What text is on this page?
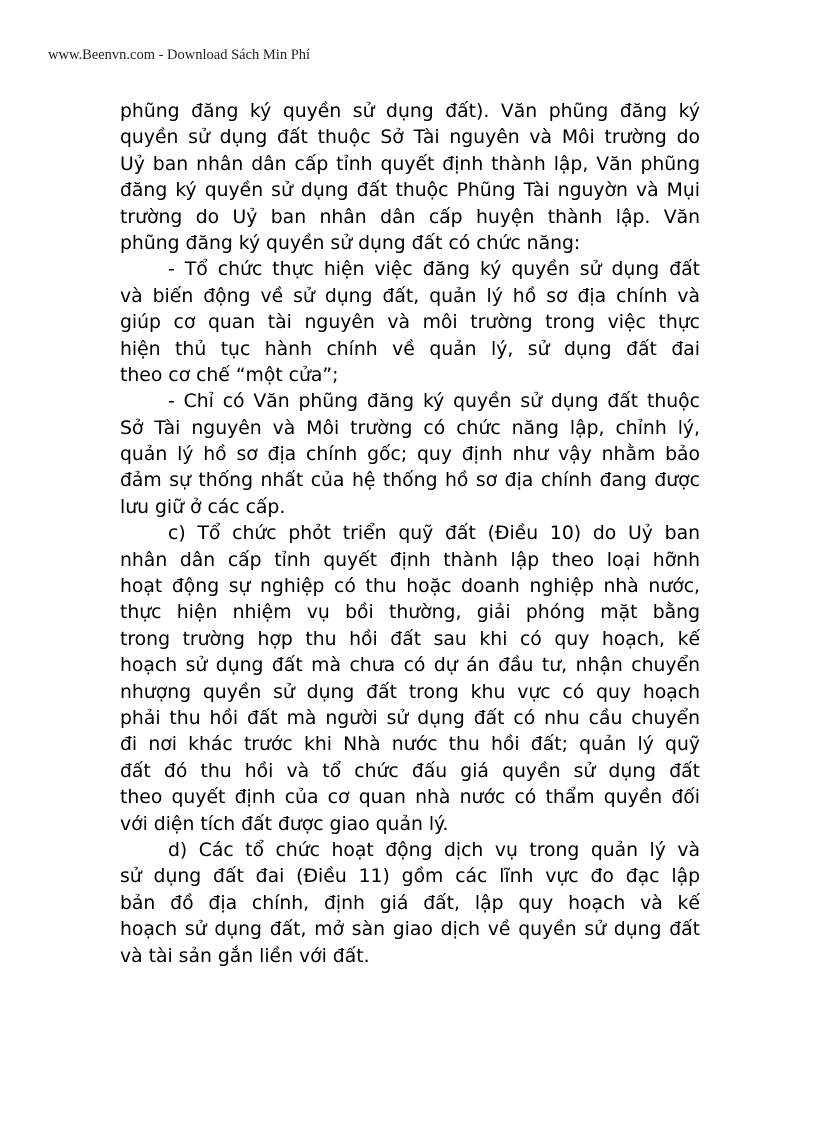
www.Beenvn.com - Download Sách Min Phí
phũng đăng ký quyền sử dụng đất). Văn phũng đăng ký
quyền sử dụng đất thuộc Sở Tài nguyên và Môi trường do
Uỷ ban nhân dân cấp tỉnh quyết định thành lập, Văn phũng
đăng ký quyền sử dụng đất thuộc Phũng Tài nguyờn và Mụi
trường do Uỷ ban nhân dân cấp huyện thành lập. Văn
phũng đăng ký quyền sử dụng đất có chức năng:
- Tổ chức thực hiện việc đăng ký quyền sử dụng đất
và biến động về sử dụng đất, quản lý hồ sơ địa chính và
giúp cơ quan tài nguyên và môi trường trong việc thực
hiện thủ tục hành chính về quản lý, sử dụng đất đai
theo cơ chế “một cửa”;
- Chỉ có Văn phũng đăng ký quyền sử dụng đất thuộc
Sở Tài nguyên và Môi trường có chức năng lập, chỉnh lý,
quản lý hồ sơ địa chính gốc; quy định như vậy nhằm bảo
đảm sự thống nhất của hệ thống hồ sơ địa chính đang được
lưu giữ ở các cấp.
c) Tổ chức phỏt triển quỹ đất (Điều 10) do Uỷ ban
nhân dân cấp tỉnh quyết định thành lập theo loại hỡnh
hoạt động sự nghiệp có thu hoặc doanh nghiệp nhà nước,
thực hiện nhiệm vụ bồi thường, giải phóng mặt bằng
trong trường hợp thu hồi đất sau khi có quy hoạch, kế
hoạch sử dụng đất mà chưa có dự án đầu tư, nhận chuyển
nhượng quyền sử dụng đất trong khu vực có quy hoạch
phải thu hồi đất mà người sử dụng đất có nhu cầu chuyển
đi nơi khác trước khi Nhà nước thu hồi đất; quản lý quỹ
đất đó thu hồi và tổ chức đấu giá quyền sử dụng đất
theo quyết định của cơ quan nhà nước có thẩm quyền đối
với diện tích đất được giao quản lý.
d) Các tổ chức hoạt động dịch vụ trong quản lý và
sử dụng đất đai (Điều 11) gồm các lĩnh vực đo đạc lập
bản đồ địa chính, định giá đất, lập quy hoạch và kế
hoạch sử dụng đất, mở sàn giao dịch về quyền sử dụng đất
và tài sản gắn liền với đất.
